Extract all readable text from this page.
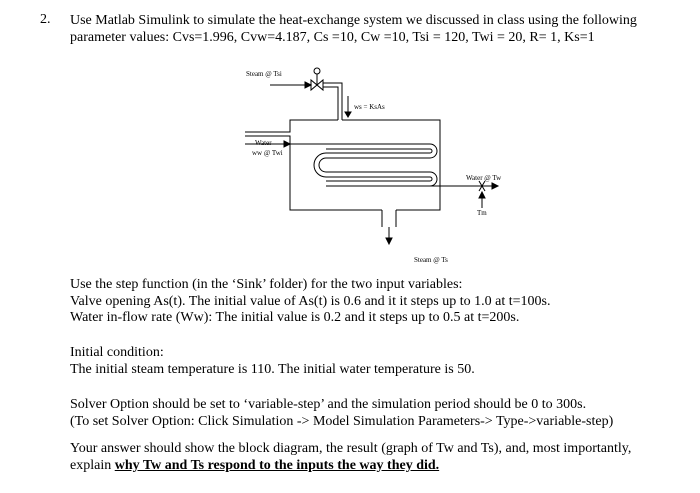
2. Use Matlab Simulink to simulate the heat-exchange system we discussed in class using the following
parameter values: Cvs=1.996, Cvw=4.187, Cs =10, Cw =10, Tsi = 120, Twi = 20, R= 1, Ks=1
Steam @ Tsi
ws = KsAs
Water
ww @ Twi
Water @ Tw
Tm
Steam @ Ts
Use the step function (in the ‘Sink’ folder) for the two input variables:
Valve opening As(t). The initial value of As(t) is 0.6 and it it steps up to 1.0 at t=100s.
Water in-flow rate (Ww): The initial value is 0.2 and it steps up to 0.5 at t=200s.
Initial condition:
The initial steam temperature is 110. The initial water temperature is 50.
Solver Option should be set to ‘variable-step’ and the simulation period should be 0 to 300s.
(To set Solver Option: Click Simulation -> Model Simulation Parameters-> Type->variable-step)
Your answer should show the block diagram, the result (graph of Tw and Ts), and, most importantly,
explain why Tw and Ts respond to the inputs the way they did.
